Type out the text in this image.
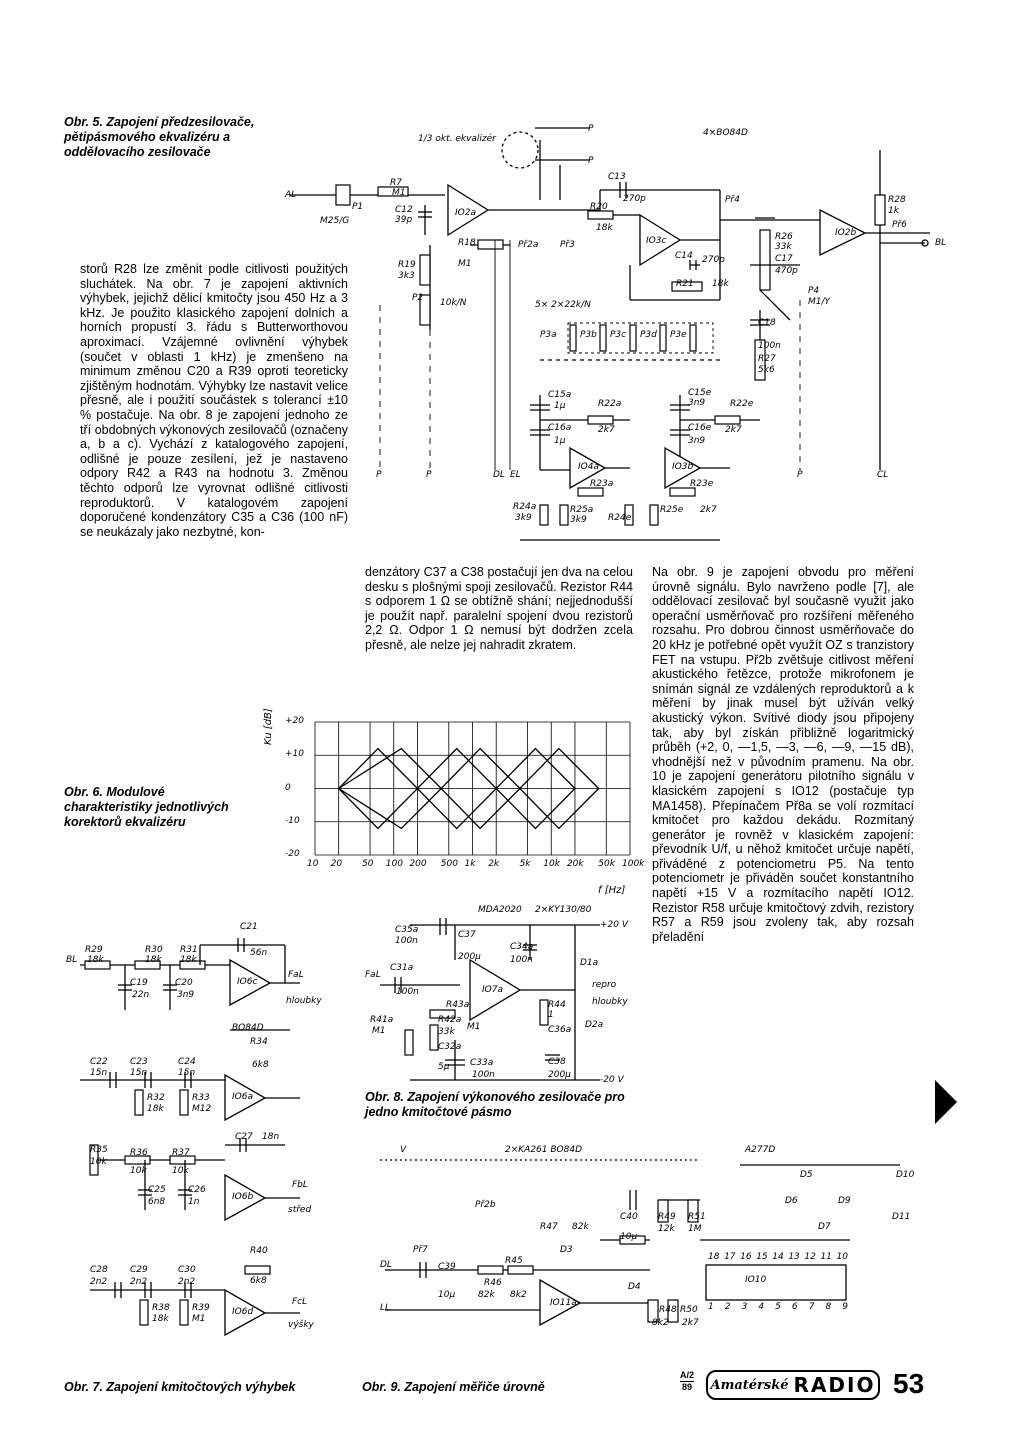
Obr. 5. Zapojení předzesilovače, pětipásmového ekvalizéru a oddělovacího zesilovače
storů R28 lze změnit podle citlivosti použitých sluchátek. Na obr. 7 je zapojení aktivních výhybek, jejichž dělicí kmitočty jsou 450 Hz a 3 kHz. Je použito klasického zapojení dolních a horních propustí 3. řádu s Butterworthovou aproximací. Vzájemné ovlivnění výhybek (součet v oblasti 1 kHz) je zmenšeno na minimum změnou C20 a R39 oproti teoreticky zjištěným hodnotám. Výhybky lze nastavit velice přesně, ale i použití součástek s tolerancí ±10 % postačuje. Na obr. 8 je zapojení jednoho ze tří obdobných výkonových zesilovačů (označeny a, b a c). Vychází z katalogového zapojení, odlišné je pouze zesílení, jež je nastaveno odpory R42 a R43 na hodnotu 3. Změnou těchto odporů lze vyrovnat odlišné citlivosti reproduktorů. V katalogovém zapojení doporučené kondenzátory C35 a C36 (100 nF) se neukázaly jako nezbytné, kon-
denzátory C37 a C38 postačují jen dva na celou desku s plošnými spoji zesilovačů. Rezistor R44 s odporem 1 Ω se obtížně shání; nejjednodušší je použít např. paralelní spojení dvou rezistorů 2,2 Ω. Odpor 1 Ω nemusí být dodržen zcela přesně, ale nelze jej nahradit zkratem.
Na obr. 9 je zapojení obvodu pro měření úrovně signálu. Bylo navrženo podle [7], ale oddělovací zesilovač byl současně využit jako operační usměrňovač pro rozšíření měřeného rozsahu. Pro dobrou činnost usměrňovače do 20 kHz je potřebné opět využít OZ s tranzistory FET na vstupu. Př2b zvětšuje citlivost měření akustického řetězce, protože mikrofonem je snímán signál ze vzdálených reproduktorů a k měření by jinak musel být užíván velký akustický výkon. Svítivé diody jsou připojeny tak, aby byl získán přibližně logaritmický průběh (+2, 0, —1,5, —3, —6, —9, —15 dB), vhodnější než v původním pramenu. Na obr. 10 je zapojení generátoru pilotního signálu v klasickém zapojení s IO12 (postačuje typ MA1458). Přepínačem Př8a se volí rozmítací kmitočet pro každou dekádu. Rozmítaný generátor je rovněž v klasickém zapojení: převodník U/f, u něhož kmitočet určuje napětí, přiváděné z potenciometru P5. Na tento potenciometr je přiváděn součet konstantního napětí +15 V a rozmítacího napětí IO12. Rezistor R58 určuje kmitočtový zdvih, rezistory R57 a R59 jsou zvoleny tak, aby rozsah přeladění
Obr. 6. Modulové charakteristiky jednotlivých korektorů ekvalizéru
Obr. 8. Zapojení výkonového zesilovače pro jedno kmitočtové pásmo
Obr. 7. Zapojení kmitočtových výhybek	Obr. 9. Zapojení měřiče úrovně
4×BO84D
1/3 okt. ekvalizér
AL
R7
M1
P1
M25/G
C12
39p
IO2a
R18
M1
R19
3k3
P2 10k/N
Př2a Př3
C13
270p
R20
18k
IO3c
C14 270p
R21 18k
Př4
R26
33k
C17
470p
P4
M1/Y
R28
1k
Př6
IO2b
BL
C18
100n
R27
5k6
5× 2×22k/N
P3a	P3b P3c P3d P3e
C15a
1μ	R22a
2k7
C16a
1μ
C15e
3n9	R22e
2k7
C16e
3n9
IO4a	IO3b
R23a	R23e
R24a
3k9
R25a
3k9 R24e
R25e 2k7
DL EL	CL
P	P	P
P
P
Ku [dB]
f [Hz]
10 20 50 100 200 500 1k 2k 5k 10k 20k 50k 100k
+20
+10
0
-10
-20
R29
18k
R30
18k
R31
18k
BL
C19
22n
C20
3n9
C21
56n
IO6c
FaL
hloubky
BO84D
R34
6k8
C22
15n
C23
15n
C24
15n
R32
18k
R33
M12
IO6a
R35
10k
R36
10k
R37
10k
C27 18n
C25
6n8
C26
1n	IO6b
FbL
střed
R40
6k8
C28
2n2
C29
2n2
C30
2n2
R38
18k
R39
M1
IO6d
FcL
výšky
MDA2020 2×KY130/80
C35a
100n
C37
200μ
C34a
100n
+20 V
D1a
repro
hloubky
FaL
C31a
100n
R43a
IO7a
R44
1
R41a
M1
R42a
33k M1	C36a D2a
C32a
5μ C33a
100n
C38
200μ	-20 V
V	2×KA261 BO84D	A277D
D5
D6
D7
D9
D10
D11
Př2b
R47 82k
C40
10μ
R49
12k
R51
1M
Př7	D3
DL	C39
10μ
R46
82k
R45
8k2
D4
IO11a
R48
8k2
R50
2k7
LL
IO10
18 17 16 15 14 13 12 11 10
1 2 3 4 5 6 7 8 9
A/2
89 Amatérské RADIO 53
